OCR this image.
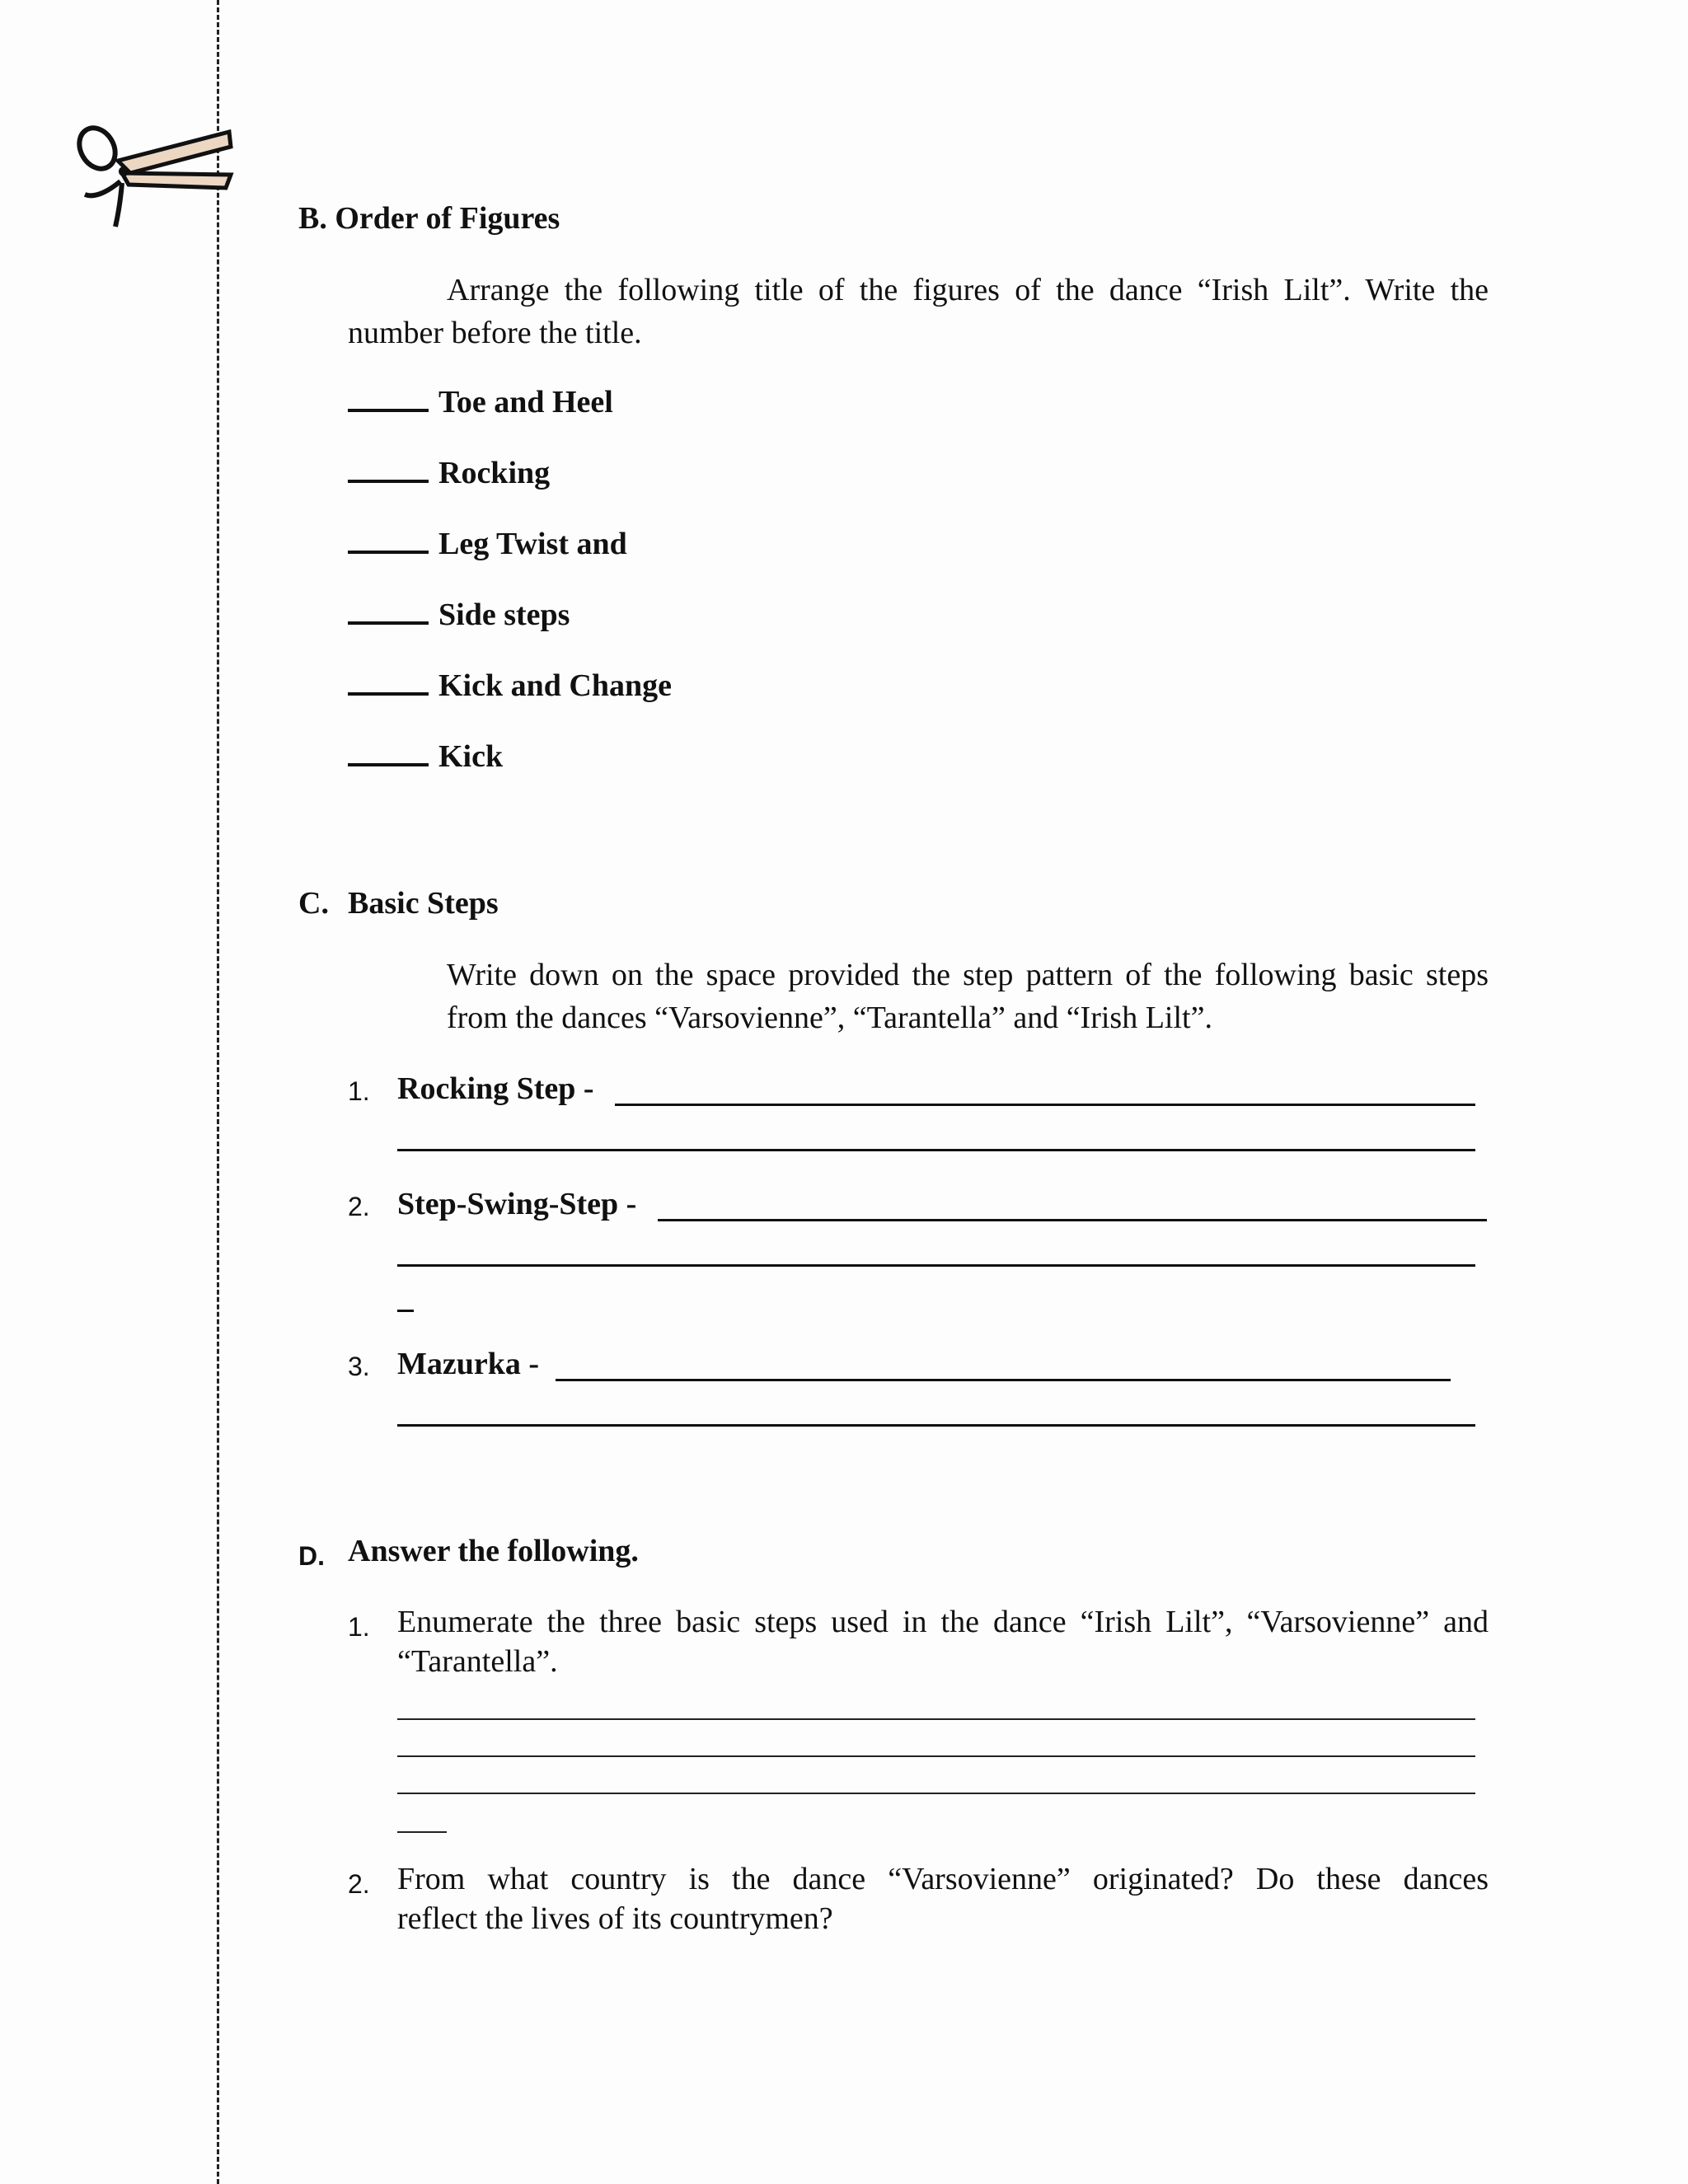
B. Order of Figures
Arrange the following title of the figures of the dance “Irish Lilt”. Write the
number before the title.
Toe and Heel
Rocking
Leg Twist and
Side steps
Kick and Change
Kick
C. Basic Steps
Write down on the space provided the step pattern of the following basic steps
from the dances “Varsovienne”, “Tarantella” and “Irish Lilt”.
1. Rocking Step -
2. Step-Swing-Step -
3. Mazurka -
D. Answer the following.
1. Enumerate the three basic steps used in the dance “Irish Lilt”, “Varsovienne” and
“Tarantella”.
2. From what country is the dance “Varsovienne” originated? Do these dances
reflect the lives of its countrymen?
